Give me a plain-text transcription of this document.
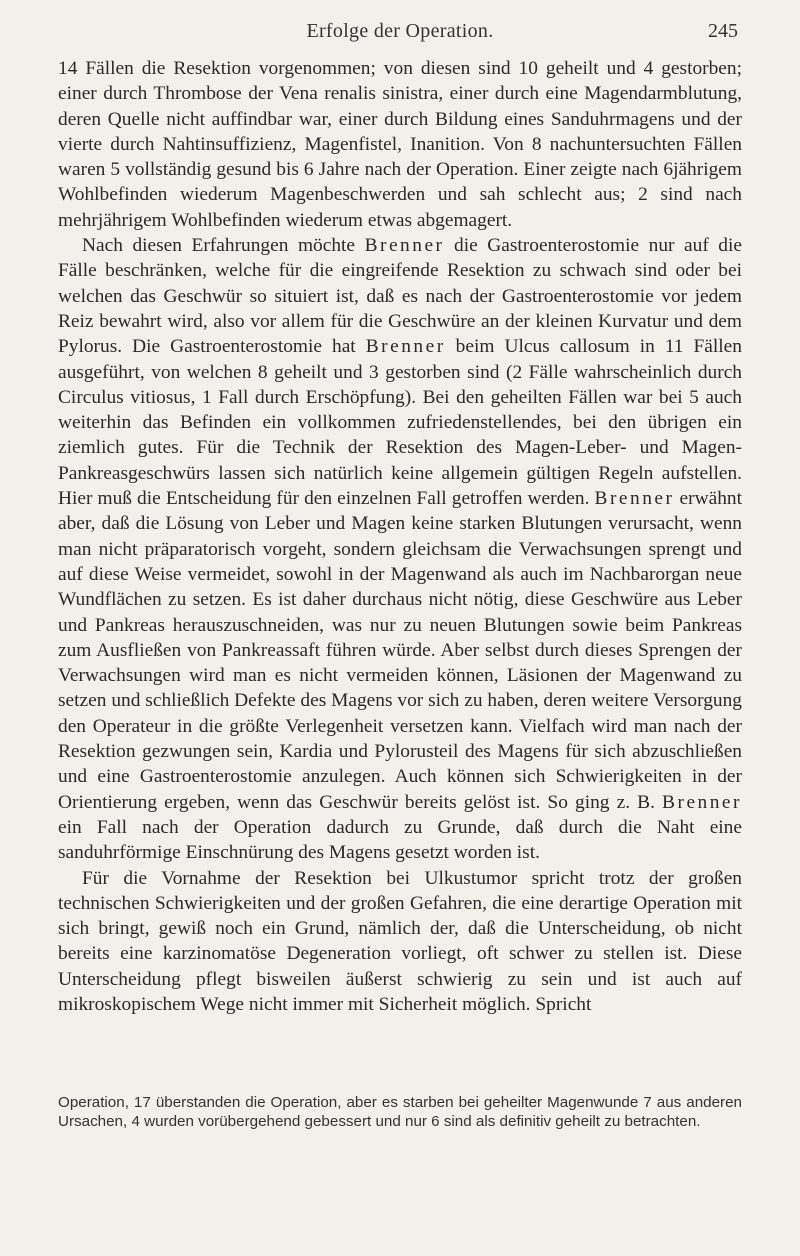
Erfolge der Operation.	245

14 Fällen die Resektion vorgenommen; von diesen sind 10 geheilt und 4 gestorben; einer durch Thrombose der Vena renalis sinistra, einer durch eine Magendarmblutung, deren Quelle nicht auffindbar war, einer durch Bildung eines Sanduhrmagens und der vierte durch Nahtinsuffizienz, Magenfistel, Inanition. Von 8 nachuntersuchten Fällen waren 5 vollständig gesund bis 6 Jahre nach der Operation. Einer zeigte nach 6jährigem Wohlbefinden wiederum Magenbeschwerden und sah schlecht aus; 2 sind nach mehrjährigem Wohlbefinden wiederum etwas abgemagert.

Nach diesen Erfahrungen möchte Brenner die Gastroenterostomie nur auf die Fälle beschränken, welche für die eingreifende Resektion zu schwach sind oder bei welchen das Geschwür so situiert ist, daß es nach der Gastroenterostomie vor jedem Reiz bewahrt wird, also vor allem für die Geschwüre an der kleinen Kurvatur und dem Pylorus. Die Gastroenterostomie hat Brenner beim Ulcus callosum in 11 Fällen ausgeführt, von welchen 8 geheilt und 3 gestorben sind (2 Fälle wahrscheinlich durch Circulus vitiosus, 1 Fall durch Erschöpfung). Bei den geheilten Fällen war bei 5 auch weiterhin das Befinden ein vollkommen zufriedenstellendes, bei den übrigen ein ziemlich gutes. Für die Technik der Resektion des Magen-Leber- und Magen-Pankreasgeschwürs lassen sich natürlich keine allgemein gültigen Regeln aufstellen. Hier muß die Entscheidung für den einzelnen Fall getroffen werden. Brenner erwähnt aber, daß die Lösung von Leber und Magen keine starken Blutungen verursacht, wenn man nicht präparatorisch vorgeht, sondern gleichsam die Verwachsungen sprengt und auf diese Weise vermeidet, sowohl in der Magenwand als auch im Nachbarorgan neue Wundflächen zu setzen. Es ist daher durchaus nicht nötig, diese Geschwüre aus Leber und Pankreas herauszuschneiden, was nur zu neuen Blutungen sowie beim Pankreas zum Ausfließen von Pankreassaft führen würde. Aber selbst durch dieses Sprengen der Verwachsungen wird man es nicht vermeiden können, Läsionen der Magenwand zu setzen und schließlich Defekte des Magens vor sich zu haben, deren weitere Versorgung den Operateur in die größte Verlegenheit versetzen kann. Vielfach wird man nach der Resektion gezwungen sein, Kardia und Pylorusteil des Magens für sich abzuschließen und eine Gastroenterostomie anzulegen. Auch können sich Schwierigkeiten in der Orientierung ergeben, wenn das Geschwür bereits gelöst ist. So ging z. B. Brenner ein Fall nach der Operation dadurch zu Grunde, daß durch die Naht eine sanduhrförmige Einschnürung des Magens gesetzt worden ist.

Für die Vornahme der Resektion bei Ulkustumor spricht trotz der großen technischen Schwierigkeiten und der großen Gefahren, die eine derartige Operation mit sich bringt, gewiß noch ein Grund, nämlich der, daß die Unterscheidung, ob nicht bereits eine karzinomatöse Degeneration vorliegt, oft schwer zu stellen ist. Diese Unterscheidung pflegt bisweilen äußerst schwierig zu sein und ist auch auf mikroskopischem Wege nicht immer mit Sicherheit möglich. Spricht

Operation, 17 überstanden die Operation, aber es starben bei geheilter Magenwunde 7 aus anderen Ursachen, 4 wurden vorübergehend gebessert und nur 6 sind als definitiv geheilt zu betrachten.
